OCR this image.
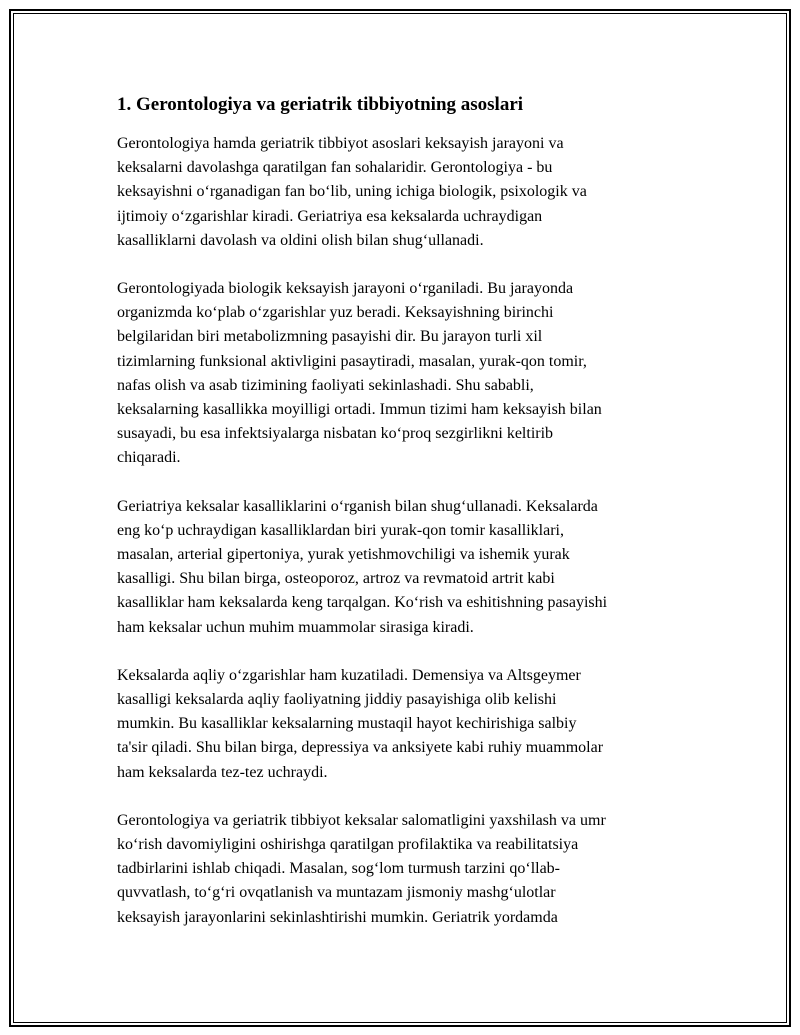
1. Gerontologiya va geriatrik tibbiyotning asoslari

Gerontologiya hamda geriatrik tibbiyot asoslari keksayish jarayoni va
keksalarni davolashga qaratilgan fan sohalaridir. Gerontologiya - bu
keksayishni o‘rganadigan fan bo‘lib, uning ichiga biologik, psixologik va
ijtimoiy o‘zgarishlar kiradi. Geriatriya esa keksalarda uchraydigan
kasalliklarni davolash va oldini olish bilan shug‘ullanadi.

Gerontologiyada biologik keksayish jarayoni o‘rganiladi. Bu jarayonda
organizmda ko‘plab o‘zgarishlar yuz beradi. Keksayishning birinchi
belgilaridan biri metabolizmning pasayishi dir. Bu jarayon turli xil
tizimlarning funksional aktivligini pasaytiradi, masalan, yurak-qon tomir,
nafas olish va asab tizimining faoliyati sekinlashadi. Shu sababli,
keksalarning kasallikka moyilligi ortadi. Immun tizimi ham keksayish bilan
susayadi, bu esa infektsiyalarga nisbatan ko‘proq sezgirlikni keltirib
chiqaradi.

Geriatriya keksalar kasalliklarini o‘rganish bilan shug‘ullanadi. Keksalarda
eng ko‘p uchraydigan kasalliklardan biri yurak-qon tomir kasalliklari,
masalan, arterial gipertoniya, yurak yetishmovchiligi va ishemik yurak
kasalligi. Shu bilan birga, osteoporoz, artroz va revmatoid artrit kabi
kasalliklar ham keksalarda keng tarqalgan. Ko‘rish va eshitishning pasayishi
ham keksalar uchun muhim muammolar sirasiga kiradi.

Keksalarda aqliy o‘zgarishlar ham kuzatiladi. Demensiya va Altsgeymer
kasalligi keksalarda aqliy faoliyatning jiddiy pasayishiga olib kelishi
mumkin. Bu kasalliklar keksalarning mustaqil hayot kechirishiga salbiy
ta'sir qiladi. Shu bilan birga, depressiya va anksiyete kabi ruhiy muammolar
ham keksalarda tez-tez uchraydi.

Gerontologiya va geriatrik tibbiyot keksalar salomatligini yaxshilash va umr
ko‘rish davomiyligini oshirishga qaratilgan profilaktika va reabilitatsiya
tadbirlarini ishlab chiqadi. Masalan, sog‘lom turmush tarzini qo‘llab-
quvvatlash, to‘g‘ri ovqatlanish va muntazam jismoniy mashg‘ulotlar
keksayish jarayonlarini sekinlashtirishi mumkin. Geriatrik yordamda
